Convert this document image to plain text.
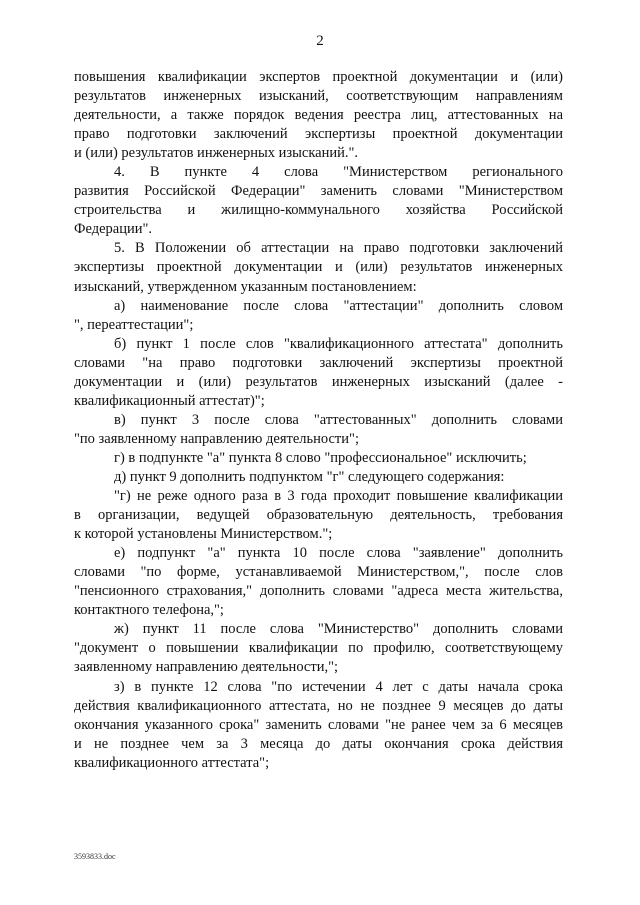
2
повышения квалификации экспертов проектной документации и (или)
результатов инженерных изысканий, соответствующим направлениям
деятельности, а также порядок ведения реестра лиц, аттестованных на
право подготовки заключений экспертизы проектной документации
и (или) результатов инженерных изысканий.".
4. В пункте 4 слова "Министерством регионального
развития Российской Федерации" заменить словами "Министерством
строительства и жилищно-коммунального хозяйства Российской
Федерации".
5. В Положении об аттестации на право подготовки заключений
экспертизы проектной документации и (или) результатов инженерных
изысканий, утвержденном указанным постановлением:
а) наименование после слова "аттестации" дополнить словом
", переаттестации";
б) пункт 1 после слов "квалификационного аттестата" дополнить
словами "на право подготовки заключений экспертизы проектной
документации и (или) результатов инженерных изысканий (далее -
квалификационный аттестат)";
в) пункт 3 после слова "аттестованных" дополнить словами
"по заявленному направлению деятельности";
г) в подпункте "а" пункта 8 слово "профессиональное" исключить;
д) пункт 9 дополнить подпунктом "г" следующего содержания:
"г) не реже одного раза в 3 года проходит повышение квалификации
в организации, ведущей образовательную деятельность, требования
к которой установлены Министерством.";
е) подпункт "а" пункта 10 после слова "заявление" дополнить
словами "по форме, устанавливаемой Министерством,", после слов
"пенсионного страхования," дополнить словами "адреса места жительства,
контактного телефона,";
ж) пункт 11 после слова "Министерство" дополнить словами
"документ о повышении квалификации по профилю, соответствующему
заявленному направлению деятельности,";
з) в пункте 12 слова "по истечении 4 лет с даты начала срока
действия квалификационного аттестата, но не позднее 9 месяцев до даты
окончания указанного срока" заменить словами "не ранее чем за 6 месяцев
и не позднее чем за 3 месяца до даты окончания срока действия
квалификационного аттестата";
3593833.doc
